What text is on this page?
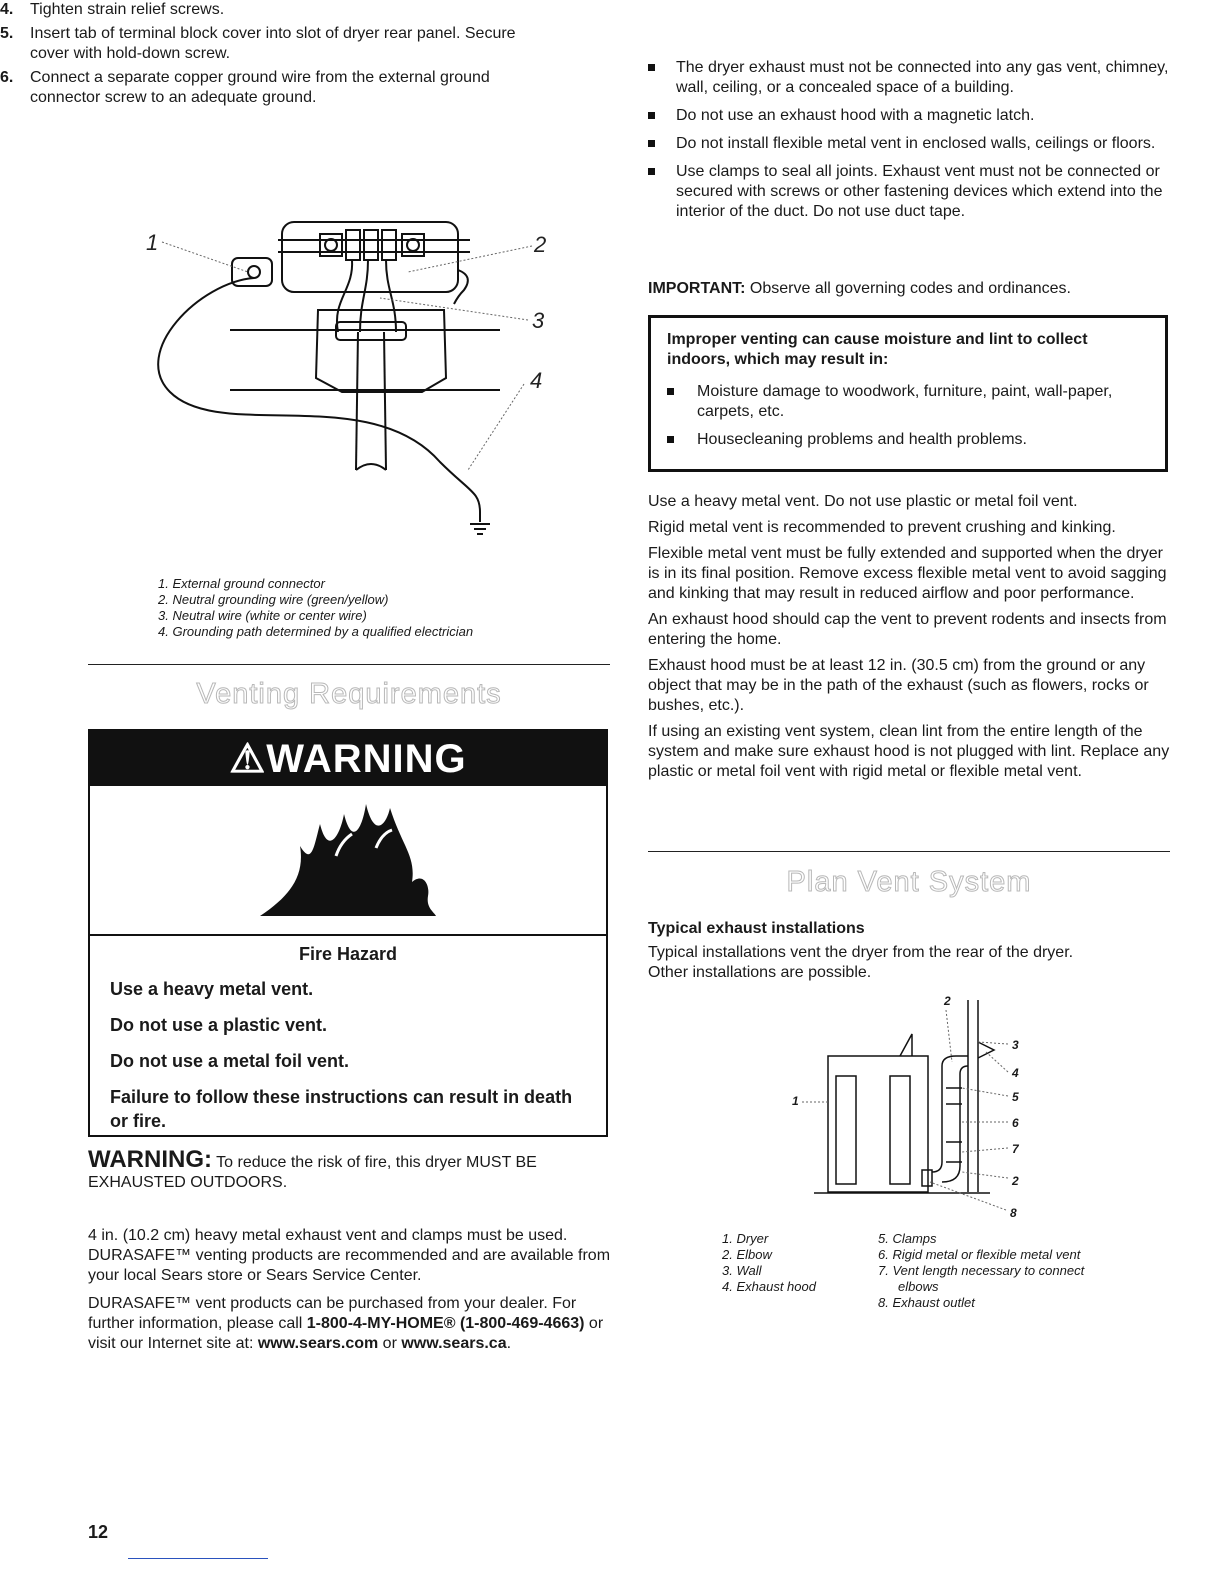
4. Tighten strain relief screws.
5. Insert tab of terminal block cover into slot of dryer rear panel. Secure cover with hold-down screw.
6. Connect a separate copper ground wire from the external ground connector screw to an adequate ground.
1	2
3
4
1. External ground connector
2. Neutral grounding wire (green/yellow)
3. Neutral wire (white or center wire)
4. Grounding path determined by a qualified electrician
Venting Requirements
⚠WARNING
Fire Hazard
Use a heavy metal vent.
Do not use a plastic vent.
Do not use a metal foil vent.
Failure to follow these instructions can result in death or fire.
WARNING: To reduce the risk of fire, this dryer MUST BE EXHAUSTED OUTDOORS.

4 in. (10.2 cm) heavy metal exhaust vent and clamps must be used. DURASAFE™ venting products are recommended and are available from your local Sears store or Sears Service Center.

DURASAFE™ vent products can be purchased from your dealer. For further information, please call 1-800-4-MY-HOME® (1-800-469-4663) or visit our Internet site at: www.sears.com or www.sears.ca.

The dryer exhaust must not be connected into any gas vent, chimney, wall, ceiling, or a concealed space of a building.
Do not use an exhaust hood with a magnetic latch.
Do not install flexible metal vent in enclosed walls, ceilings or floors.
Use clamps to seal all joints. Exhaust vent must not be connected or secured with screws or other fastening devices which extend into the interior of the duct. Do not use duct tape.
IMPORTANT: Observe all governing codes and ordinances.
Improper venting can cause moisture and lint to collect indoors, which may result in:
Moisture damage to woodwork, furniture, paint, wall-paper, carpets, etc.
Housecleaning problems and health problems.

Use a heavy metal vent. Do not use plastic or metal foil vent.

Rigid metal vent is recommended to prevent crushing and kinking.

Flexible metal vent must be fully extended and supported when the dryer is in its final position. Remove excess flexible metal vent to avoid sagging and kinking that may result in reduced airflow and poor performance.

An exhaust hood should cap the vent to prevent rodents and insects from entering the home.

Exhaust hood must be at least 12 in. (30.5 cm) from the ground or any object that may be in the path of the exhaust (such as flowers, rocks or bushes, etc.).

If using an existing vent system, clean lint from the entire length of the system and make sure exhaust hood is not plugged with lint. Replace any plastic or metal foil vent with rigid metal or flexible metal vent.

Plan Vent System
Typical exhaust installations
Typical installations vent the dryer from the rear of the dryer.
Other installations are possible.
2
3
4
1	5
6
7
2
8
1. Dryer
2. Elbow
3. Wall
4. Exhaust hood
5. Clamps
6. Rigid metal or flexible metal vent
7. Vent length necessary to connect
elbows
8. Exhaust outlet
12
